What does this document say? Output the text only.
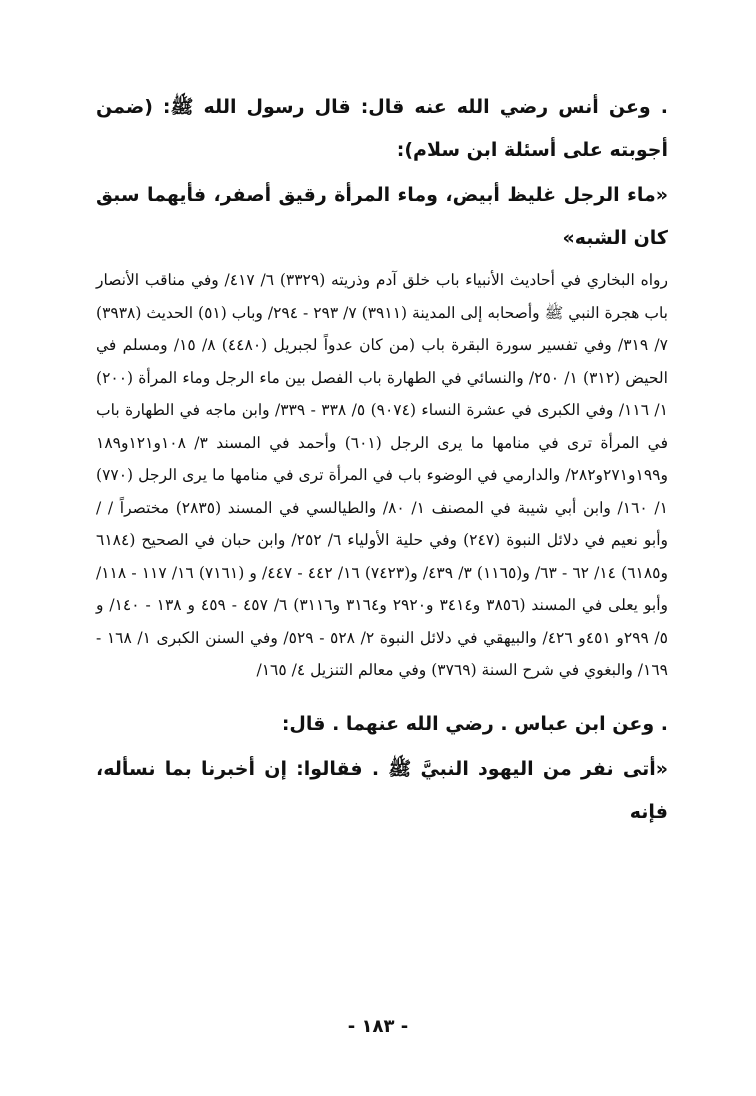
. وعن أنس رضي الله عنه قال: قال رسول الله ﷺ: (ضمن أجوبته على أسئلة ابن سلام):

«ماء الرجل غليظ أبيض، وماء المرأة رقيق أصفر، فأيهما سبق كان الشبه»

رواه البخاري في أحاديث الأنبياء باب خلق آدم وذريته (٣٣٢٩) ٦/ ٤١٧/ وفي مناقب الأنصار باب هجرة النبي ﷺ وأصحابه إلى المدينة (٣٩١١) ٧/ ٢٩٣ - ٢٩٤/ وباب (٥١) الحديث (٣٩٣٨) ٧/ ٣١٩/ وفي تفسير سورة البقرة باب (من كان عدواً لجبريل (٤٤٨٠) ٨/ ١٥/ ومسلم في الحيض (٣١٢) ١/ ٢٥٠/ والنسائي في الطهارة باب الفصل بين ماء الرجل وماء المرأة (٢٠٠) ١/ ١١٦/ وفي الكبرى في عشرة النساء (٩٠٧٤) ٥/ ٣٣٨ - ٣٣٩/ وابن ماجه في الطهارة باب في المرأة ترى في منامها ما يرى الرجل (٦٠١) وأحمد في المسند ٣/ ١٠٨و١٢١و١٨٩ و١٩٩و٢٧١و٢٨٢/ والدارمي في الوضوء باب في المرأة ترى في منامها ما يرى الرجل (٧٧٠) ١/ ١٦٠/ وابن أبي شيبة في المصنف ١/ ٨٠/ والطيالسي في المسند (٢٨٣٥) مختصراً / / وأبو نعيم في دلائل النبوة (٢٤٧) وفي حلية الأولياء ٦/ ٢٥٢/ وابن حبان في الصحيح (٦١٨٤ و٦١٨٥) ١٤/ ٦٢ - ٦٣/ و(١١٦٥) ٣/ ٤٣٩/ و(٧٤٢٣) ١٦/ ٤٤٢ - ٤٤٧/ و (٧١٦١) ١٦/ ١١٧ - ١١٨/ وأبو يعلى في المسند (٣٨٥٦ و٣٤١٤ و٢٩٢٠ و٣١٦٤ و٣١١٦) ٦/ ٤٥٧ - ٤٥٩ و ١٣٨ - ١٤٠/ و ٥/ ٢٩٩و ٤٥١و ٤٢٦/ والبيهقي في دلائل النبوة ٢/ ٥٢٨ - ٥٢٩/ وفي السنن الكبرى ١/ ١٦٨ - ١٦٩/ والبغوي في شرح السنة (٣٧٦٩) وفي معالم التنزيل ٤/ ١٦٥/

. وعن ابن عباس . رضي الله عنهما . قال:

«أتى نفر من اليهود النبيَّ ﷺ . فقالوا: إن أخبرنا بما نسأله، فإنه

- ١٨٣ -
